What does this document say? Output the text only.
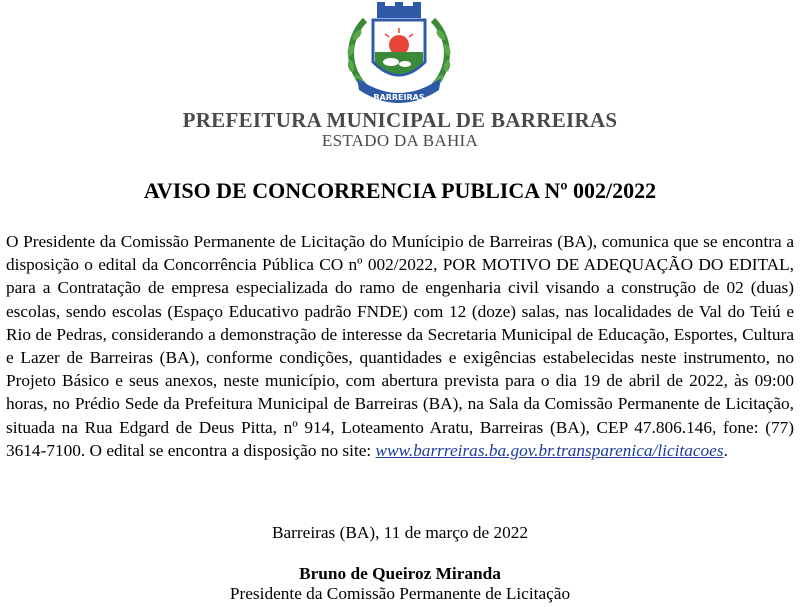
26/05	1891
BARREIRAS
PREFEITURA MUNICIPAL DE BARREIRAS
ESTADO DA BAHIA
AVISO DE CONCORRENCIA PUBLICA Nº 002/2022

O Presidente da Comissão Permanente de Licitação do Munícipio de Barreiras (BA), comunica que se encontra a disposição o edital da Concorrência Pública CO nº 002/2022, POR MOTIVO DE ADEQUAÇÃO DO EDITAL, para a Contratação de empresa especializada do ramo de engenharia civil visando a construção de 02 (duas) escolas, sendo escolas (Espaço Educativo padrão FNDE) com 12 (doze) salas, nas localidades de Val do Teiú e Rio de Pedras, considerando a demonstração de interesse da Secretaria Municipal de Educação, Esportes, Cultura e Lazer de Barreiras (BA), conforme condições, quantidades e exigências estabelecidas neste instrumento, no Projeto Básico e seus anexos, neste município, com abertura prevista para o dia 19 de abril de 2022, às 09:00 horas, no Prédio Sede da Prefeitura Municipal de Barreiras (BA), na Sala da Comissão Permanente de Licitação, situada na Rua Edgard de Deus Pitta, nº 914, Loteamento Aratu, Barreiras (BA), CEP 47.806.146, fone: (77) 3614-7100. O edital se encontra a disposição no site: www.barrreiras.ba.gov.br.transparenica/licitacoes.

Barreiras (BA), 11 de março de 2022
Bruno de Queiroz Miranda
Presidente da Comissão Permanente de Licitação
